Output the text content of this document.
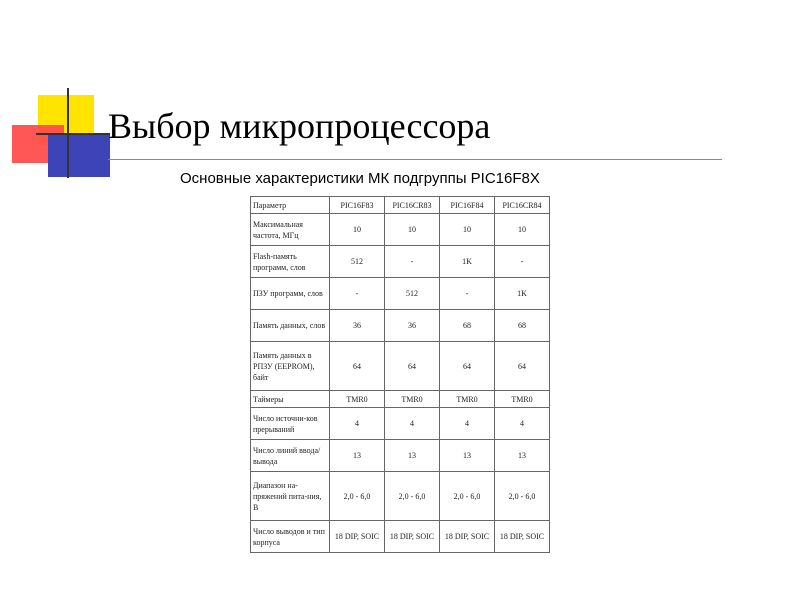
Выбор микропроцессора
Основные характеристики МК подгруппы PIC16F8X
Параметр	PIC16F83	PIC16CR83	PIC16F84	PIC16CR84
Максимальная частота, МГц	10	10	10	10
Flash-память программ, слов	512	-	1K	-
ПЗУ программ, слов	-	512	-	1K
Память данных, слов	36	36	68	68
Память данных в РПЗУ (EEPROM), байт	64	64	64	64
Таймеры	TMR0	TMR0	TMR0	TMR0
Число источни-ков прерываний	4	4	4	4
Число линий ввода/вывода	13	13	13	13
Диапазон на-пряжений пита-ния, В	2,0 - 6,0	2,0 - 6,0	2,0 - 6,0	2,0 - 6,0
Число выводов и тип корпуса	18 DIP, SOIC	18 DIP, SOIC	18 DIP, SOIC	18 DIP, SOIC
